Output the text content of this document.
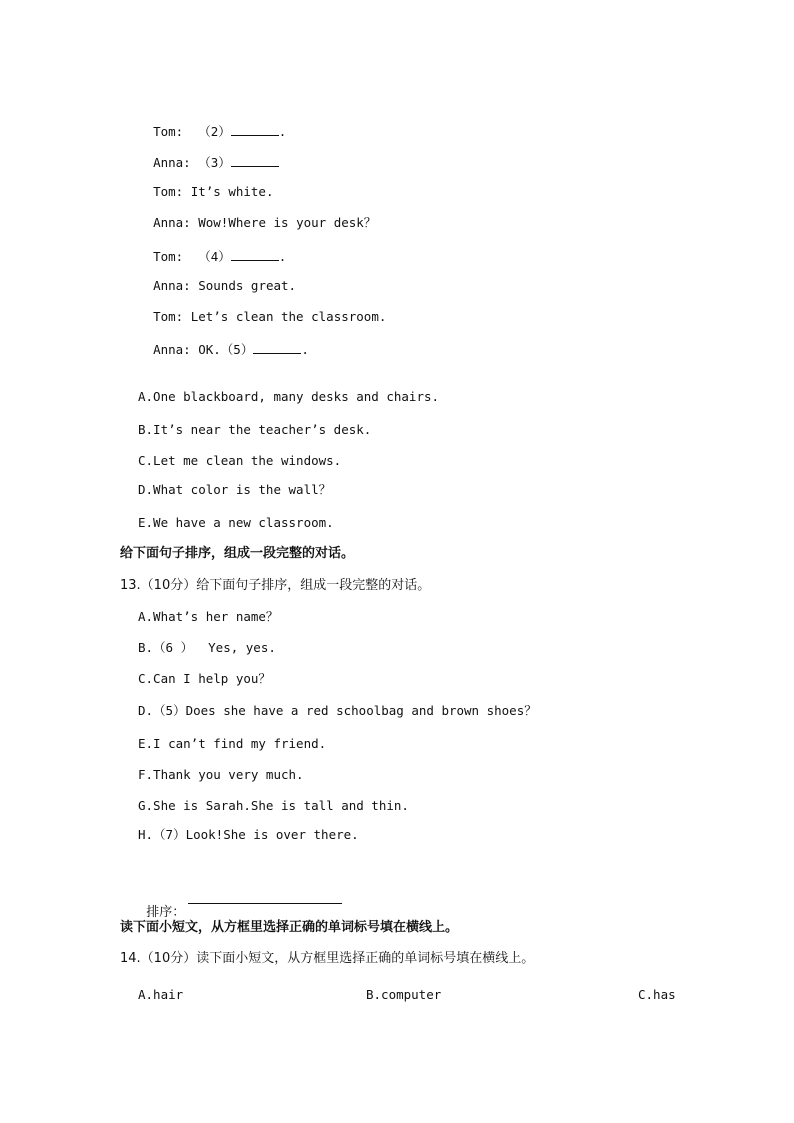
Tom: （2）	.

Anna: （3）

Tom: It’s white.

Anna: Wow!Where is your desk？

Tom: （4）	.

Anna: Sounds great.

Tom: Let’s clean the classroom.

Anna: OK.（5）	.

A.One blackboard, many desks and chairs.
B.It’s near the teacher’s desk.
C.Let me clean the windows.
D.What color is the wall？
E.We have a new classroom.
给下面句子排序，组成一段完整的对话。
13.（10分）给下面句子排序，组成一段完整的对话。
A.What’s her name？
B.（6 ）  Yes, yes.
C.Can I help you？
D.（5）Does she have a red schoolbag and brown shoes？
E.I can’t find my friend.
F.Thank you very much.
G.She is Sarah.She is tall and thin.
H.（7）Look!She is over there.

排序：

读下面小短文，从方框里选择正确的单词标号填在横线上。
14.（10分）读下面小短文，从方框里选择正确的单词标号填在横线上。
A.hair	B.computer	C.has
